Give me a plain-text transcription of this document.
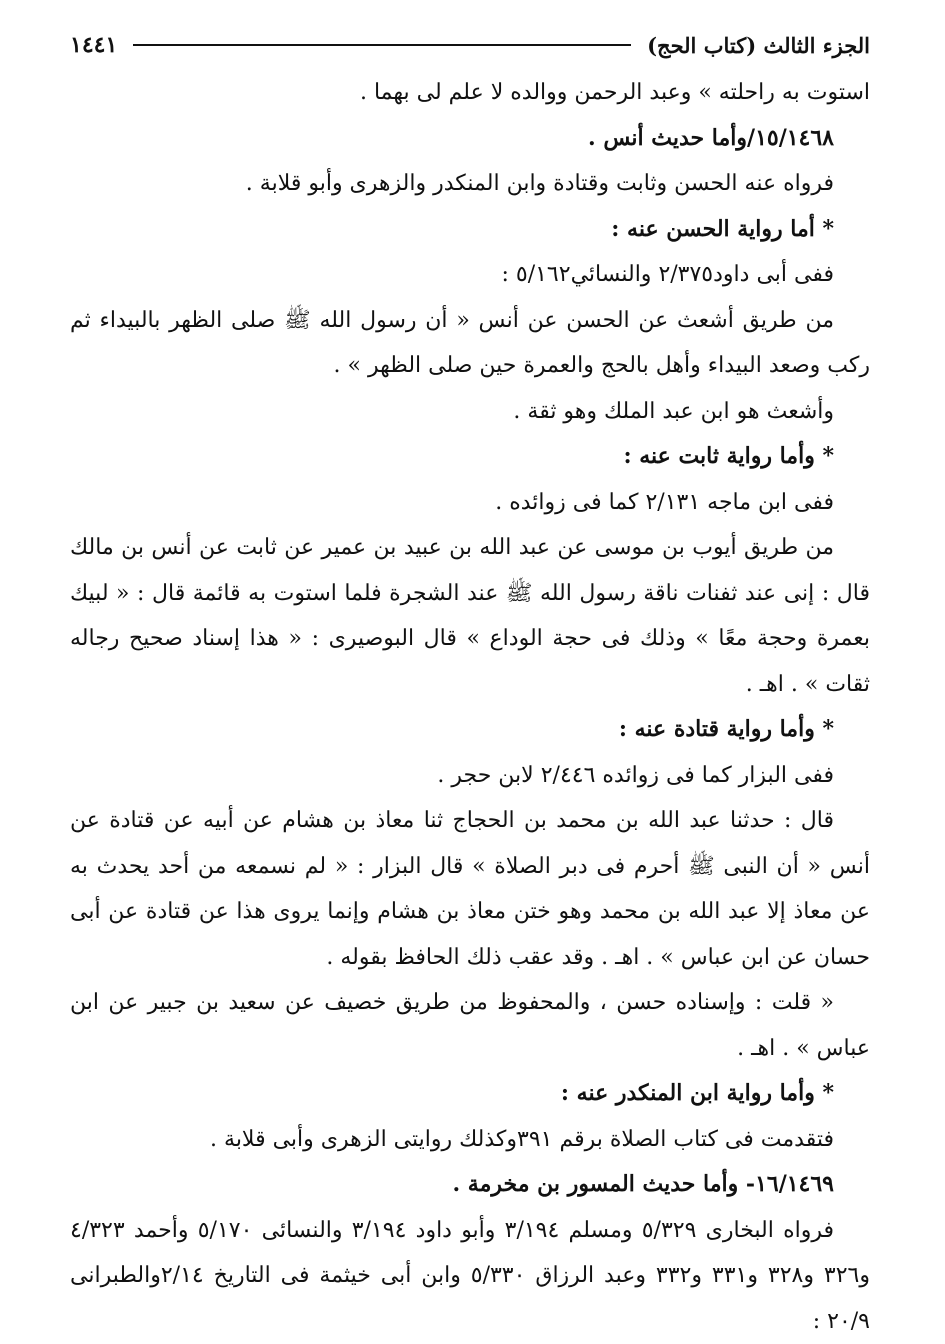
الجزء الثالث (كتاب الحج)
١٤٤١

استوت به راحلته » وعبد الرحمن ووالده لا علم لى بهما .

١٥/١٤٦٨/وأما حديث أنس .

فرواه عنه الحسن وثابت وقتادة وابن المنكدر والزهرى وأبو قلابة .

* أما رواية الحسن عنه :

ففى أبى داود٢/٣٧٥ والنسائي٥/١٦٢ :

من طريق أشعث عن الحسن عن أنس « أن رسول الله ﷺ صلى الظهر بالبيداء ثم ركب وصعد البيداء وأهل بالحج والعمرة حين صلى الظهر » .

وأشعث هو ابن عبد الملك وهو ثقة .

* وأما رواية ثابت عنه :

ففى ابن ماجه ٢/١٣١ كما فى زوائده .

من طريق أيوب بن موسى عن عبد الله بن عبيد بن عمير عن ثابت عن أنس بن مالك قال : إنى عند ثفنات ناقة رسول الله ﷺ عند الشجرة فلما استوت به قائمة قال : « لبيك بعمرة وحجة معًا » وذلك فى حجة الوداع » قال البوصيرى : « هذا إسناد صحيح رجاله ثقات » . اهـ .

* وأما رواية قتادة عنه :

ففى البزار كما فى زوائده ٢/٤٤٦ لابن حجر .

قال : حدثنا عبد الله بن محمد بن الحجاج ثنا معاذ بن هشام عن أبيه عن قتادة عن أنس « أن النبى ﷺ أحرم فى دبر الصلاة » قال البزار : « لم نسمعه من أحد يحدث به عن معاذ إلا عبد الله بن محمد وهو ختن معاذ بن هشام وإنما يروى هذا عن قتادة عن أبى حسان عن ابن عباس » . اهـ . وقد عقب ذلك الحافظ بقوله .

« قلت : وإسناده حسن ، والمحفوظ من طريق خصيف عن سعيد بن جبير عن ابن عباس » . اهـ .

* وأما رواية ابن المنكدر عنه :

فتقدمت فى كتاب الصلاة برقم ٣٩١وكذلك روايتى الزهرى وأبى قلابة .

١٦/١٤٦٩- وأما حديث المسور بن مخرمة .

فرواه البخارى ٥/٣٢٩ ومسلم ٣/١٩٤ وأبو داود ٣/١٩٤ والنسائى ٥/١٧٠ وأحمد ٤/٣٢٣ و٣٢٦ و٣٢٨ و٣٣١ و٣٣٢ وعبد الرزاق ٥/٣٣٠ وابن أبى خيثمة فى التاريخ ٢/١٤والطبرانى ٢٠/٩ :
